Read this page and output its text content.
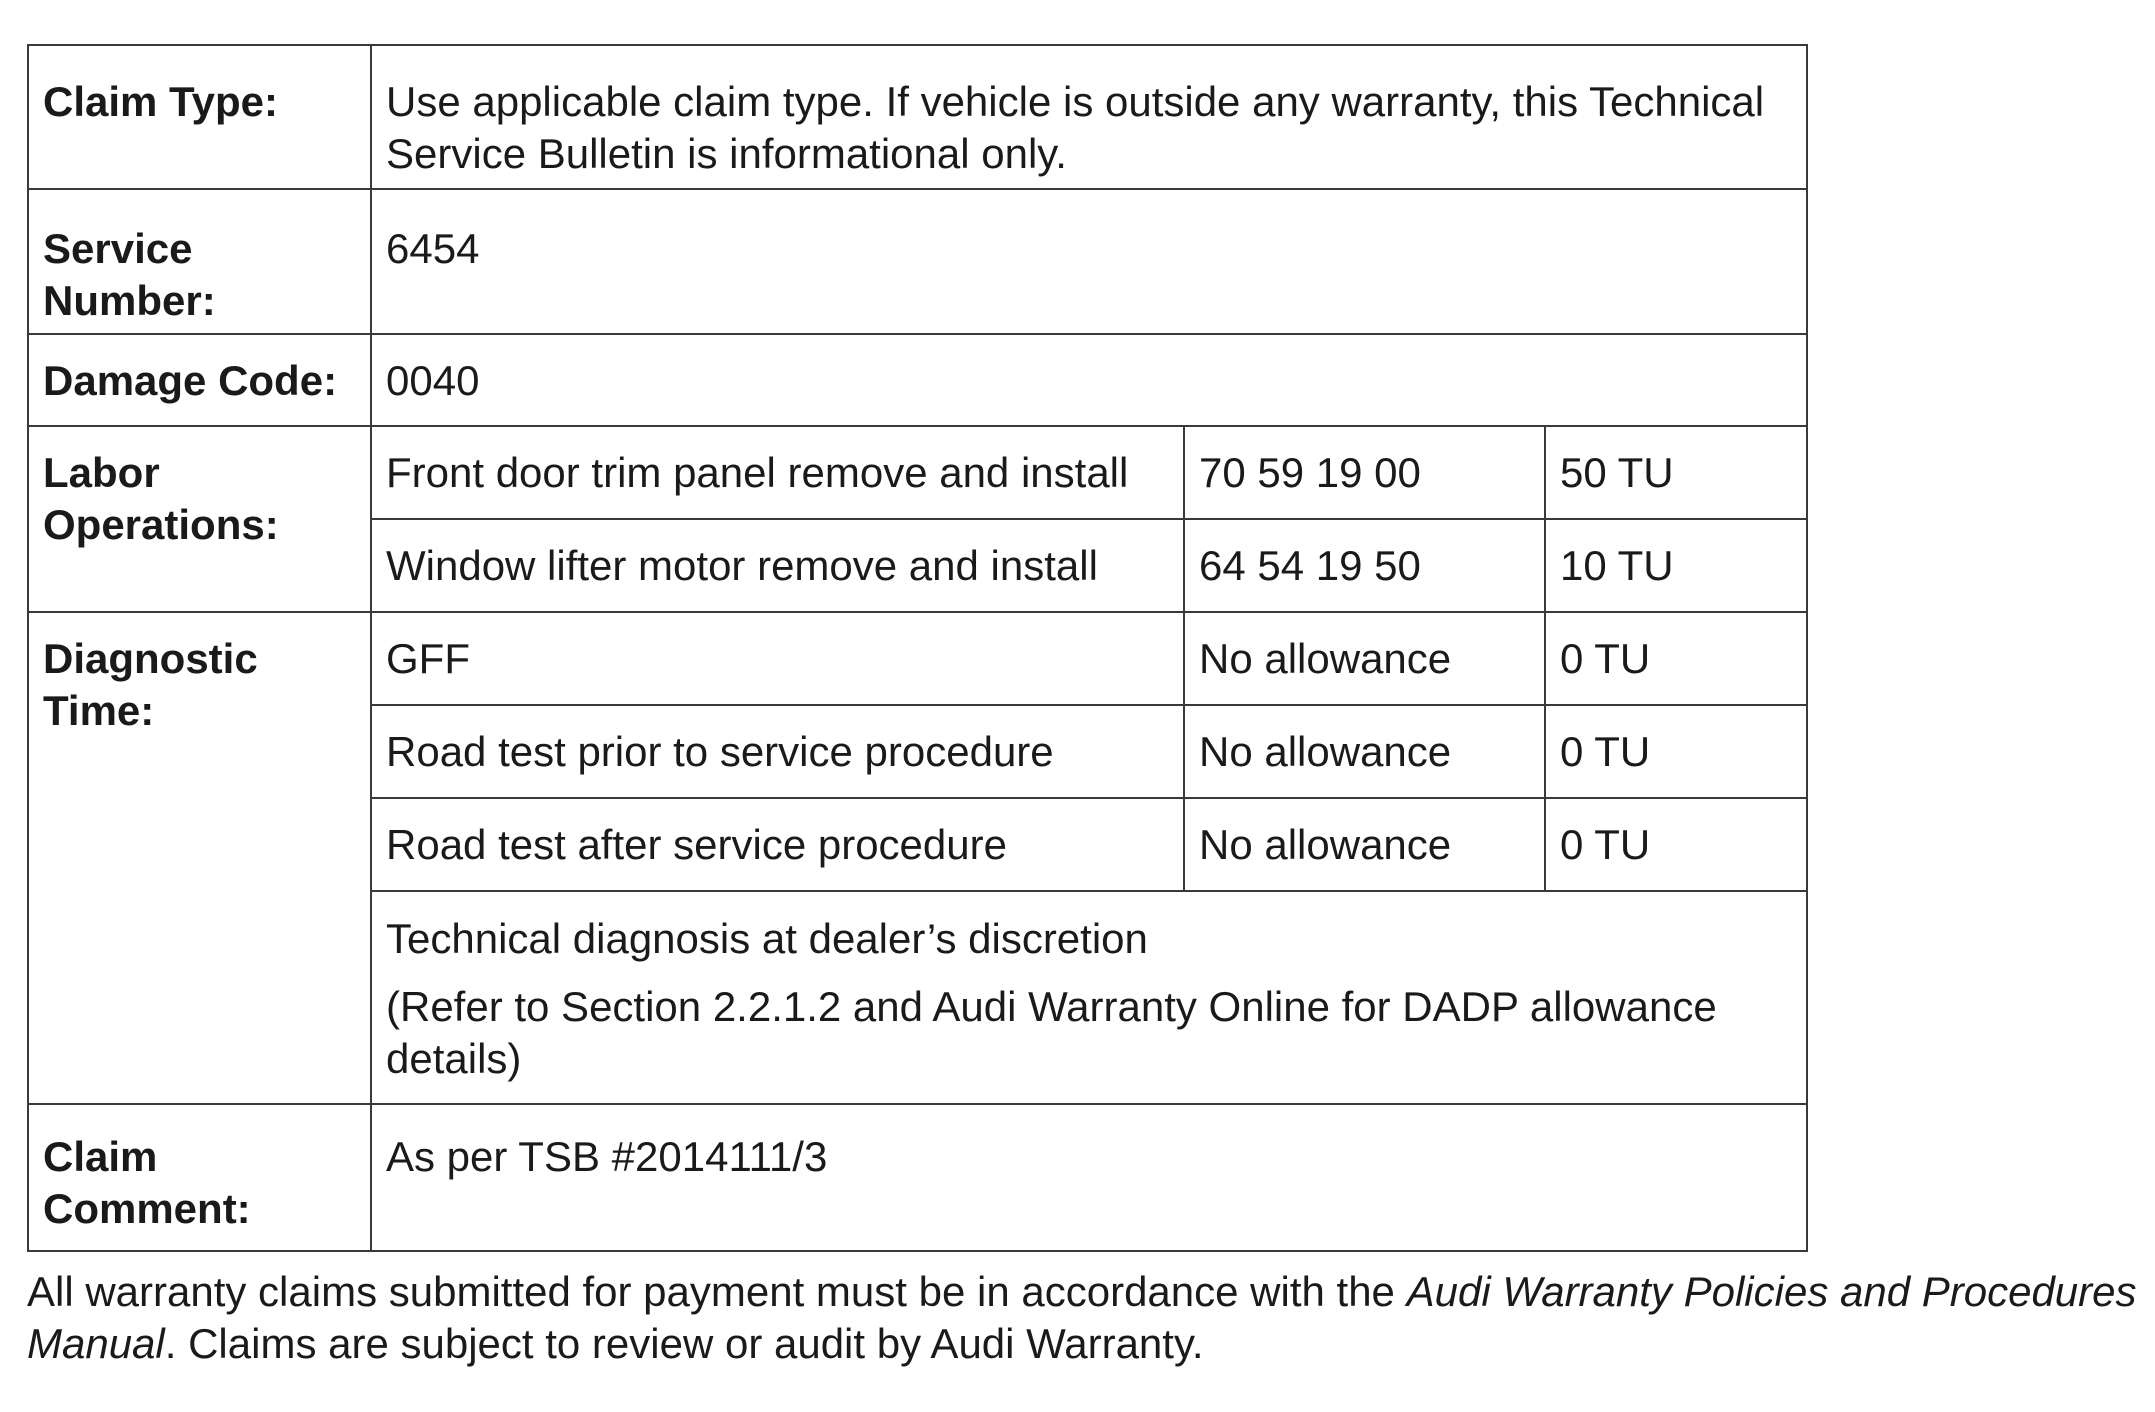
Claim Type:	Use applicable claim type. If vehicle is outside any warranty, this Technical Service Bulletin is informational only.		
Service Number:	6454		
Damage Code:	0040		
Labor Operations:	Front door trim panel remove and install	70 59 19 00	50 TU
	Window lifter motor remove and install	64 54 19 50	10 TU
Diagnostic Time:	GFF	No allowance	0 TU
	Road test prior to service procedure	No allowance	0 TU
	Road test after service procedure	No allowance	0 TU

	Technical diagnosis at dealer’s discretion
(Refer to Section 2.2.1.2 and Audi Warranty Online for DADP allowance details)		

Claim Comment:	As per TSB #2014111/3		

All warranty claims submitted for payment must be in accordance with the Audi Warranty Policies and Procedures Manual. Claims are subject to review or audit by Audi Warranty.
